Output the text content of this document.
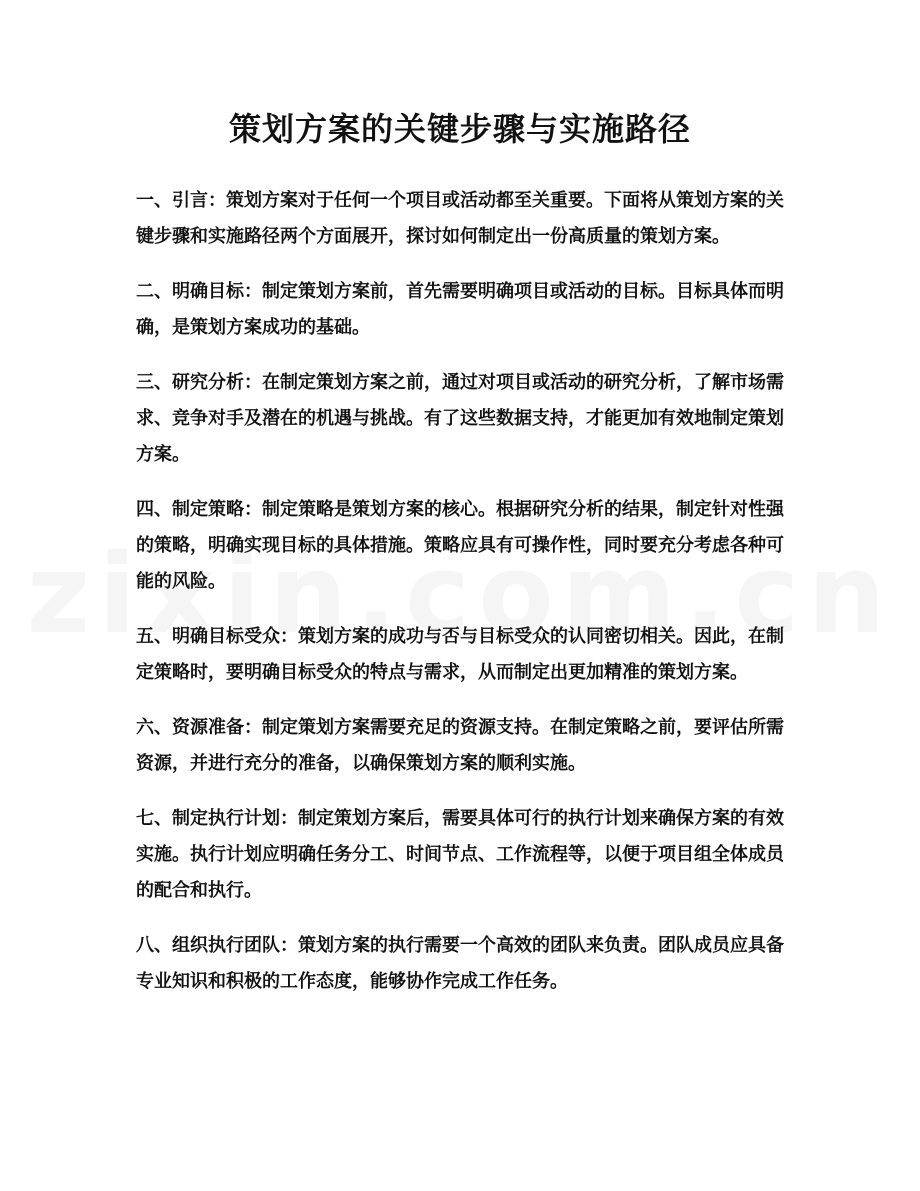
策划方案的关键步骤与实施路径

一、引言：策划方案对于任何一个项目或活动都至关重要。下面将从策划方案的关键步骤和实施路径两个方面展开，探讨如何制定出一份高质量的策划方案。

二、明确目标：制定策划方案前，首先需要明确项目或活动的目标。目标具体而明确，是策划方案成功的基础。

三、研究分析：在制定策划方案之前，通过对项目或活动的研究分析，了解市场需求、竞争对手及潜在的机遇与挑战。有了这些数据支持，才能更加有效地制定策划方案。

四、制定策略：制定策略是策划方案的核心。根据研究分析的结果，制定针对性强的策略，明确实现目标的具体措施。策略应具有可操作性，同时要充分考虑各种可能的风险。

五、明确目标受众：策划方案的成功与否与目标受众的认同密切相关。因此，在制定策略时，要明确目标受众的特点与需求，从而制定出更加精准的策划方案。

六、资源准备：制定策划方案需要充足的资源支持。在制定策略之前，要评估所需资源，并进行充分的准备，以确保策划方案的顺利实施。

七、制定执行计划：制定策划方案后，需要具体可行的执行计划来确保方案的有效实施。执行计划应明确任务分工、时间节点、工作流程等，以便于项目组全体成员的配合和执行。

八、组织执行团队：策划方案的执行需要一个高效的团队来负责。团队成员应具备专业知识和积极的工作态度，能够协作完成工作任务。
